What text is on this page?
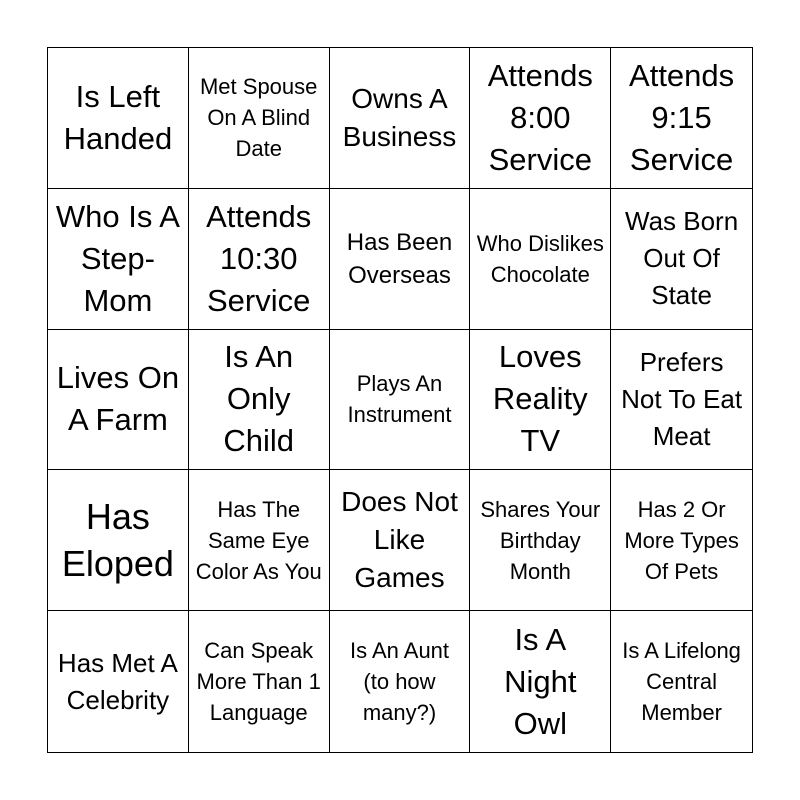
Is Left Handed
Met Spouse On A Blind Date
Owns A Business
Attends 8:00 Service
Attends 9:15 Service
Who Is A Step-Mom
Attends 10:30 Service
Has Been Overseas
Who Dislikes Chocolate
Was Born Out Of State
Lives On A Farm
Is An Only Child
Plays An Instrument
Loves Reality TV
Prefers Not To Eat Meat
Has Eloped
Has The Same Eye Color As You
Does Not Like Games
Shares Your Birthday Month
Has 2 Or More Types Of Pets
Has Met A Celebrity
Can Speak More Than 1 Language
Is An Aunt (to how many?)
Is A Night Owl
Is A Lifelong Central Member
